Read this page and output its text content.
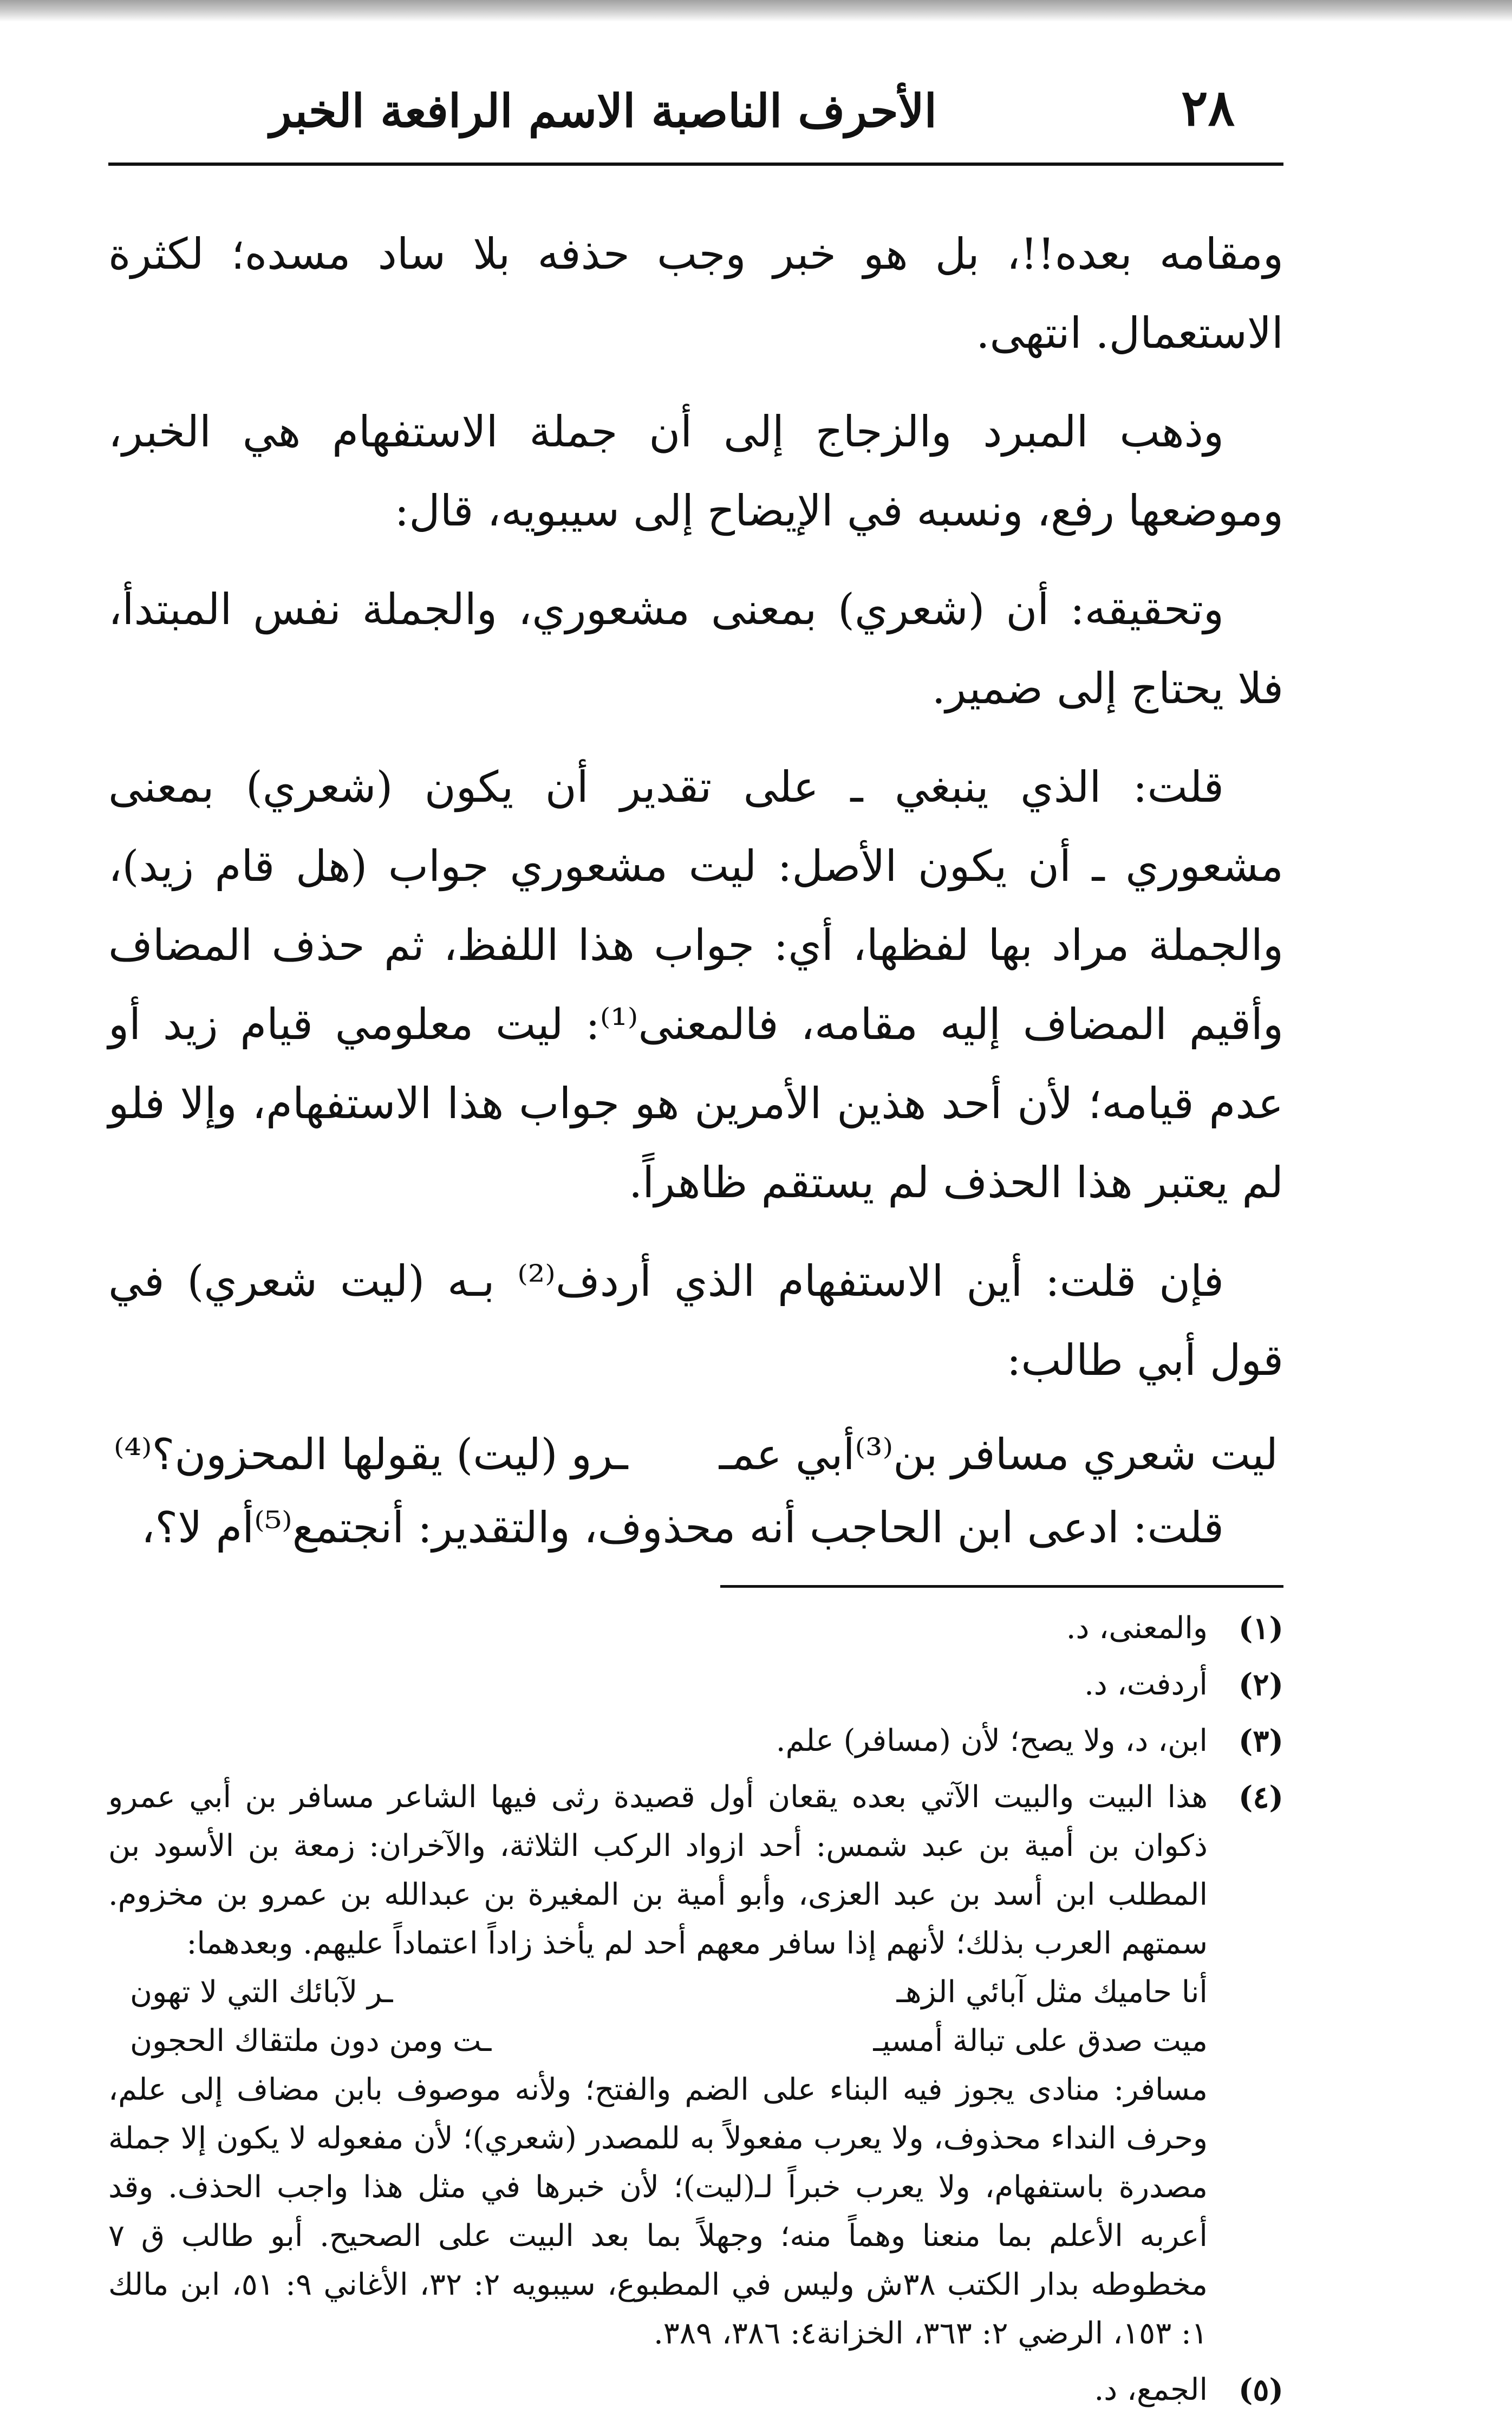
٢٨
الأحرف الناصبة الاسم الرافعة الخبر

ومقامه بعده!!، بل هو خبر وجب حذفه بلا ساد مسده؛ لكثرة الاستعمال. انتهى.

وذهب المبرد والزجاج إلى أن جملة الاستفهام هي الخبر، وموضعها رفع، ونسبه في الإيضاح إلى سيبويه، قال:

وتحقيقه: أن (شعري) بمعنى مشعوري، والجملة نفس المبتدأ، فلا يحتاج إلى ضمير.

قلت: الذي ينبغي ـ على تقدير أن يكون (شعري) بمعنى مشعوري ـ أن يكون الأصل: ليت مشعوري جواب (هل قام زيد)، والجملة مراد بها لفظها، أي: جواب هذا اللفظ، ثم حذف المضاف وأقيم المضاف إليه مقامه، فالمعنى⁽¹⁾: ليت معلومي قيام زيد أو عدم قيامه؛ لأن أحد هذين الأمرين هو جواب هذا الاستفهام، وإلا فلو لم يعتبر هذا الحذف لم يستقم ظاهراً.

فإن قلت: أين الاستفهام الذي أردف⁽²⁾ بـه (ليت شعري) في قول أبي طالب:

ليت شعري مسافر بن⁽³⁾أبي عمـ
ـرو (ليت) يقولها المحزون؟⁽⁴⁾

قلت: ادعى ابن الحاجب أنه محذوف، والتقدير: أنجتمع⁽⁵⁾أم لا؟،

(١)
والمعنى، د.
(٢)
أردفت، د.
(٣)
ابن، د، ولا يصح؛ لأن (مسافر) علم.
(٤)
هذا البيت والبيت الآتي بعده يقعان أول قصيدة رثى فيها الشاعر مسافر بن أبي عمرو ذكوان بن أمية بن عبد شمس: أحد ازواد الركب الثلاثة، والآخران: زمعة بن الأسود بن المطلب ابن أسد بن عبد العزى، وأبو أمية بن المغيرة بن عبدالله بن عمرو بن مخزوم. سمتهم العرب بذلك؛ لأنهم إذا سافر معهم أحد لم يأخذ زاداً اعتماداً عليهم. وبعدهما:
أنا حاميك مثل آبائي الزهـ
ـر لآبائك التي لا تهون
ميت صدق على تبالة أمسيـ
ـت ومن دون ملتقاك الحجون
مسافر: منادى يجوز فيه البناء على الضم والفتح؛ ولأنه موصوف بابن مضاف إلى علم، وحرف النداء محذوف، ولا يعرب مفعولاً به للمصدر (شعري)؛ لأن مفعوله لا يكون إلا جملة مصدرة باستفهام، ولا يعرب خبراً لـ(ليت)؛ لأن خبرها في مثل هذا واجب الحذف. وقد أعربه الأعلم بما منعنا وهماً منه؛ وجهلاً بما بعد البيت على الصحيح. أبو طالب ق ٧ مخطوطه بدار الكتب ٣٨ش وليس في المطبوع، سيبويه ٢: ٣٢، الأغاني ٩: ٥١، ابن مالك ١: ١٥٣، الرضي ٢: ٣٦٣، الخزانة٤: ٣٨٦، ٣٨٩.
(٥)
الجمع، د.
